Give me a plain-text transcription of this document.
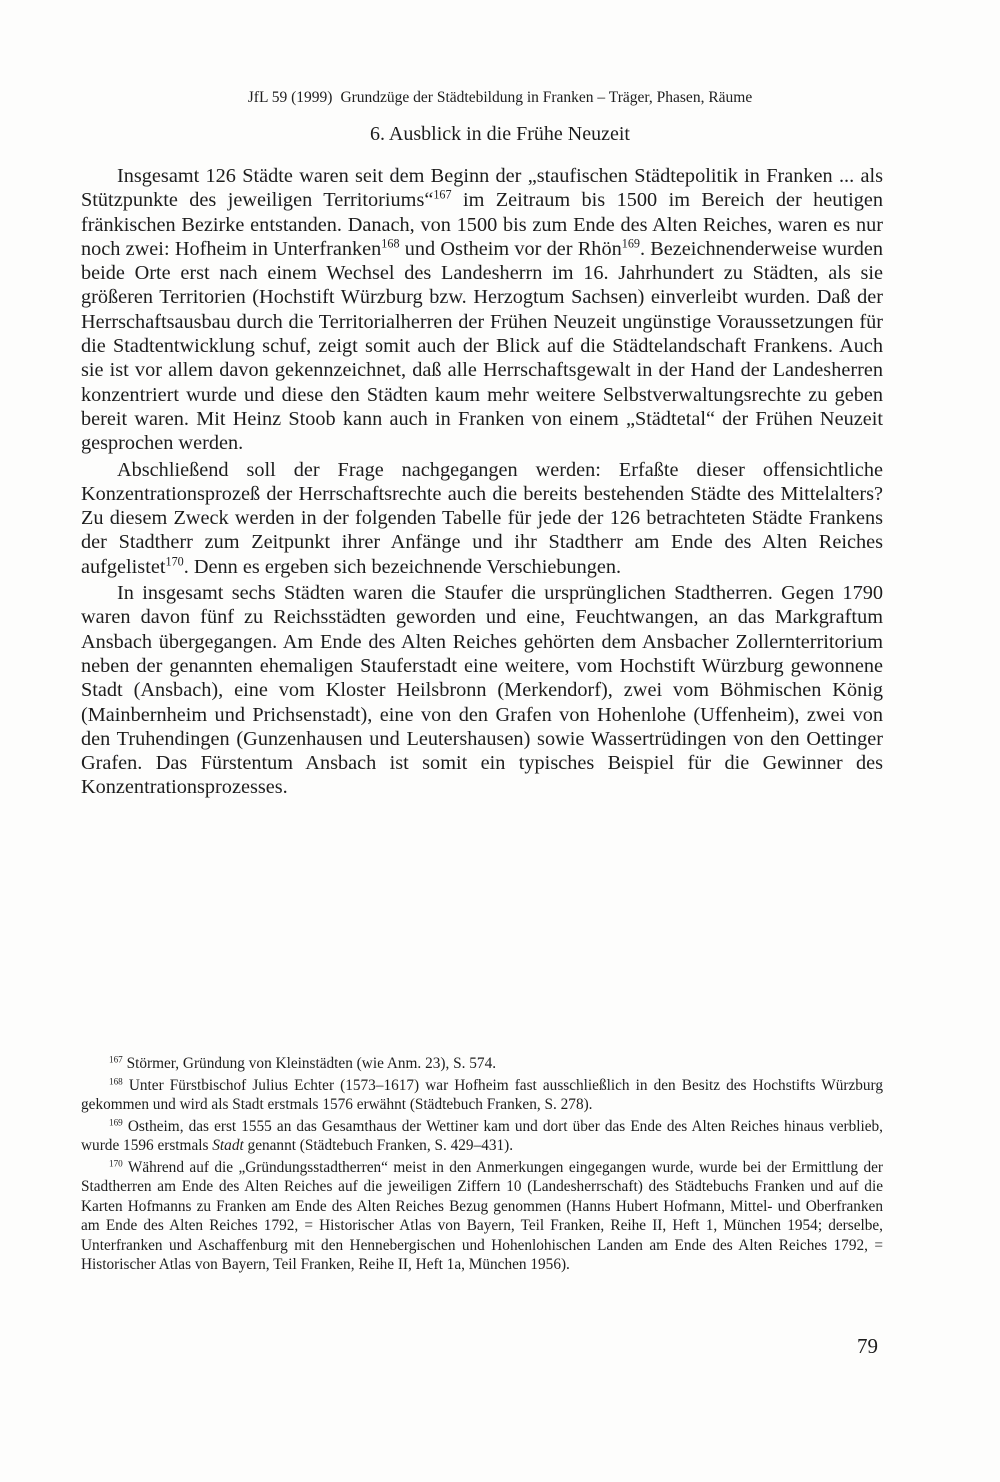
JfL 59 (1999) Grundzüge der Städtebildung in Franken – Träger, Phasen, Räume
6. Ausblick in die Frühe Neuzeit

Insgesamt 126 Städte waren seit dem Beginn der „staufischen Städtepolitik in Franken ... als Stützpunkte des jeweiligen Territoriums“$^{167}$ im Zeitraum bis 1500 im Bereich der heutigen fränkischen Bezirke entstanden. Danach, von 1500 bis zum Ende des Alten Reiches, waren es nur noch zwei: Hofheim in Unterfranken$^{168}$ und Ostheim vor der Rhön$^{169}$. Bezeichnenderweise wurden beide Orte erst nach einem Wechsel des Landesherrn im 16. Jahrhundert zu Städten, als sie größeren Territorien (Hochstift Würzburg bzw. Herzogtum Sachsen) einverleibt wurden. Daß der Herrschaftsausbau durch die Territorialherren der Frühen Neuzeit ungünstige Voraussetzungen für die Stadtentwicklung schuf, zeigt somit auch der Blick auf die Städtelandschaft Frankens. Auch sie ist vor allem davon gekennzeichnet, daß alle Herrschaftsgewalt in der Hand der Landesherren konzentriert wurde und diese den Städten kaum mehr weitere Selbstverwaltungsrechte zu geben bereit waren. Mit Heinz Stoob kann auch in Franken von einem „Städtetal“ der Frühen Neuzeit gesprochen werden.

Abschließend soll der Frage nachgegangen werden: Erfaßte dieser offensichtliche Konzentrationsprozeß der Herrschaftsrechte auch die bereits bestehenden Städte des Mittelalters? Zu diesem Zweck werden in der folgenden Tabelle für jede der 126 betrachteten Städte Frankens der Stadtherr zum Zeitpunkt ihrer Anfänge und ihr Stadtherr am Ende des Alten Reiches aufgelistet$^{170}$. Denn es ergeben sich bezeichnende Verschiebungen.

In insgesamt sechs Städten waren die Staufer die ursprünglichen Stadtherren. Gegen 1790 waren davon fünf zu Reichsstädten geworden und eine, Feuchtwangen, an das Markgraftum Ansbach übergegangen. Am Ende des Alten Reiches gehörten dem Ansbacher Zollernterritorium neben der genannten ehemaligen Stauferstadt eine weitere, vom Hochstift Würzburg gewonnene Stadt (Ansbach), eine vom Kloster Heilsbronn (Merkendorf), zwei vom Böhmischen König (Mainbernheim und Prichsenstadt), eine von den Grafen von Hohenlohe (Uffenheim), zwei von den Truhendingen (Gunzenhausen und Leutershausen) sowie Wassertrüdingen von den Oettinger Grafen. Das Fürstentum Ansbach ist somit ein typisches Beispiel für die Gewinner des Konzentrationsprozesses.

$^{167}$ Störmer, Gründung von Kleinstädten (wie Anm. 23), S. 574.

$^{168}$ Unter Fürstbischof Julius Echter (1573–1617) war Hofheim fast ausschließlich in den Besitz des Hochstifts Würzburg gekommen und wird als Stadt erstmals 1576 erwähnt (Städtebuch Franken, S. 278).

$^{169}$ Ostheim, das erst 1555 an das Gesamthaus der Wettiner kam und dort über das Ende des Alten Reiches hinaus verblieb, wurde 1596 erstmals Stadt genannt (Städtebuch Franken, S. 429–431).

$^{170}$ Während auf die „Gründungsstadtherren“ meist in den Anmerkungen eingegangen wurde, wurde bei der Ermittlung der Stadtherren am Ende des Alten Reiches auf die jeweiligen Ziffern 10 (Landesherrschaft) des Städtebuchs Franken und auf die Karten Hofmanns zu Franken am Ende des Alten Reiches Bezug genommen (Hanns Hubert Hofmann, Mittel- und Oberfranken am Ende des Alten Reiches 1792, = Historischer Atlas von Bayern, Teil Franken, Reihe II, Heft 1, München 1954; derselbe, Unterfranken und Aschaffenburg mit den Hennebergischen und Hohenlohischen Landen am Ende des Alten Reiches 1792, = Historischer Atlas von Bayern, Teil Franken, Reihe II, Heft 1a, München 1956).

79
